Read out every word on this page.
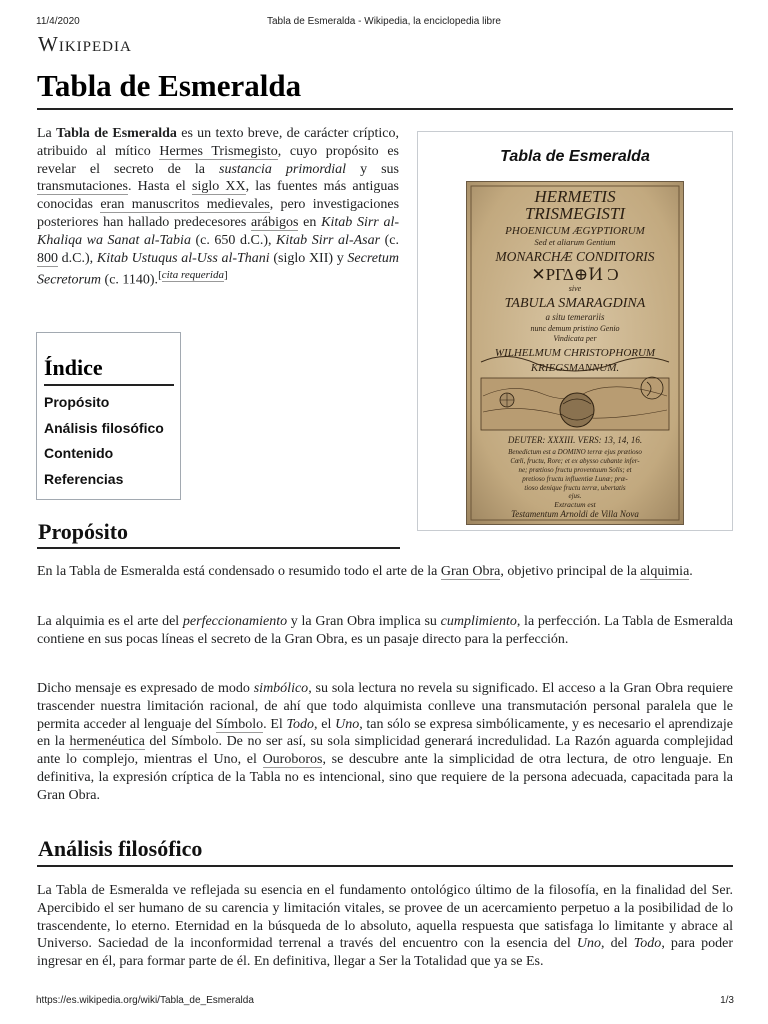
11/4/2020	Tabla de Esmeralda - Wikipedia, la enciclopedia libre
Wikipedia
Tabla de Esmeralda

La Tabla de Esmeralda es un texto breve, de carácter críptico, atribuido al mítico Hermes Trismegisto, cuyo propósito es revelar el secreto de la sustancia primordial y sus transmutaciones. Hasta el siglo XX, las fuentes más antiguas conocidas eran manuscritos medievales, pero investigaciones posteriores han hallado predecesores arábigos en Kitab Sirr al-Khaliqa wa Sanat al-Tabia (c. 650 d.C.), Kitab Sirr al-Asar (c. 800 d.C.), Kitab Ustuqus al-Uss al-Thani (siglo XII) y Secretum Secretorum (c. 1140).[cita requerida]

Tabla de Esmeralda
HERMETIS
TRISMEGISTI
PHOENICUM ÆGYPTIORUM
Sed et aliarum Gentium
MONARCHÆ CONDITORIS
✕ΡΓΔ⊕Ͷ Ͻ
sive
TABULA SMARAGDINA
a situ temerariis
nunc demum pristino Genio
Vindicata per
WILHELMUM CHRISTOPHORUM
KRIEGSMANNUM.
DEUTER: XXXIII. VERS: 13, 14, 16.
Benedictum est a DOMINO terræ ejus prætioso
Cœli, fructu, Rore; et ex abysso cubante infer-
ne; prætioso fructu proventuum Solis; et
pretioso fructu influentiæ Lunæ; præ-
tioso denique fructu terræ, ubertatis
ejus.
Extractum est
Testamentum Arnoldi de Villa Nova
Índice
Propósito
Análisis filosófico
Contenido
Referencias
Propósito

En la Tabla de Esmeralda está condensado o resumido todo el arte de la Gran Obra, objetivo principal de la alquimia.

La alquimia es el arte del perfeccionamiento y la Gran Obra implica su cumplimiento, la perfección. La Tabla de Esmeralda contiene en sus pocas líneas el secreto de la Gran Obra, es un pasaje directo para la perfección.

Dicho mensaje es expresado de modo simbólico, su sola lectura no revela su significado. El acceso a la Gran Obra requiere trascender nuestra limitación racional, de ahí que todo alquimista conlleve una transmutación personal paralela que le permita acceder al lenguaje del Símbolo. El Todo, el Uno, tan sólo se expresa simbólicamente, y es necesario el aprendizaje en la hermenéutica del Símbolo. De no ser así, su sola simplicidad generará incredulidad. La Razón aguarda complejidad ante lo complejo, mientras el Uno, el Ouroboros, se descubre ante la simplicidad de otra lectura, de otro lenguaje. En definitiva, la expresión críptica de la Tabla no es intencional, sino que requiere de la persona adecuada, capacitada para la Gran Obra.

Análisis filosófico

La Tabla de Esmeralda ve reflejada su esencia en el fundamento ontológico último de la filosofía, en la finalidad del Ser. Apercibido el ser humano de su carencia y limitación vitales, se provee de un acercamiento perpetuo a la posibilidad de lo trascendente, lo eterno. Eternidad en la búsqueda de lo absoluto, aquella respuesta que satisfaga lo limitante y abrace al Universo. Saciedad de la inconformidad terrenal a través del encuentro con la esencia del Uno, del Todo, para poder ingresar en él, para formar parte de él. En definitiva, llegar a Ser la Totalidad que ya se Es.

https://es.wikipedia.org/wiki/Tabla_de_Esmeralda	1/3
